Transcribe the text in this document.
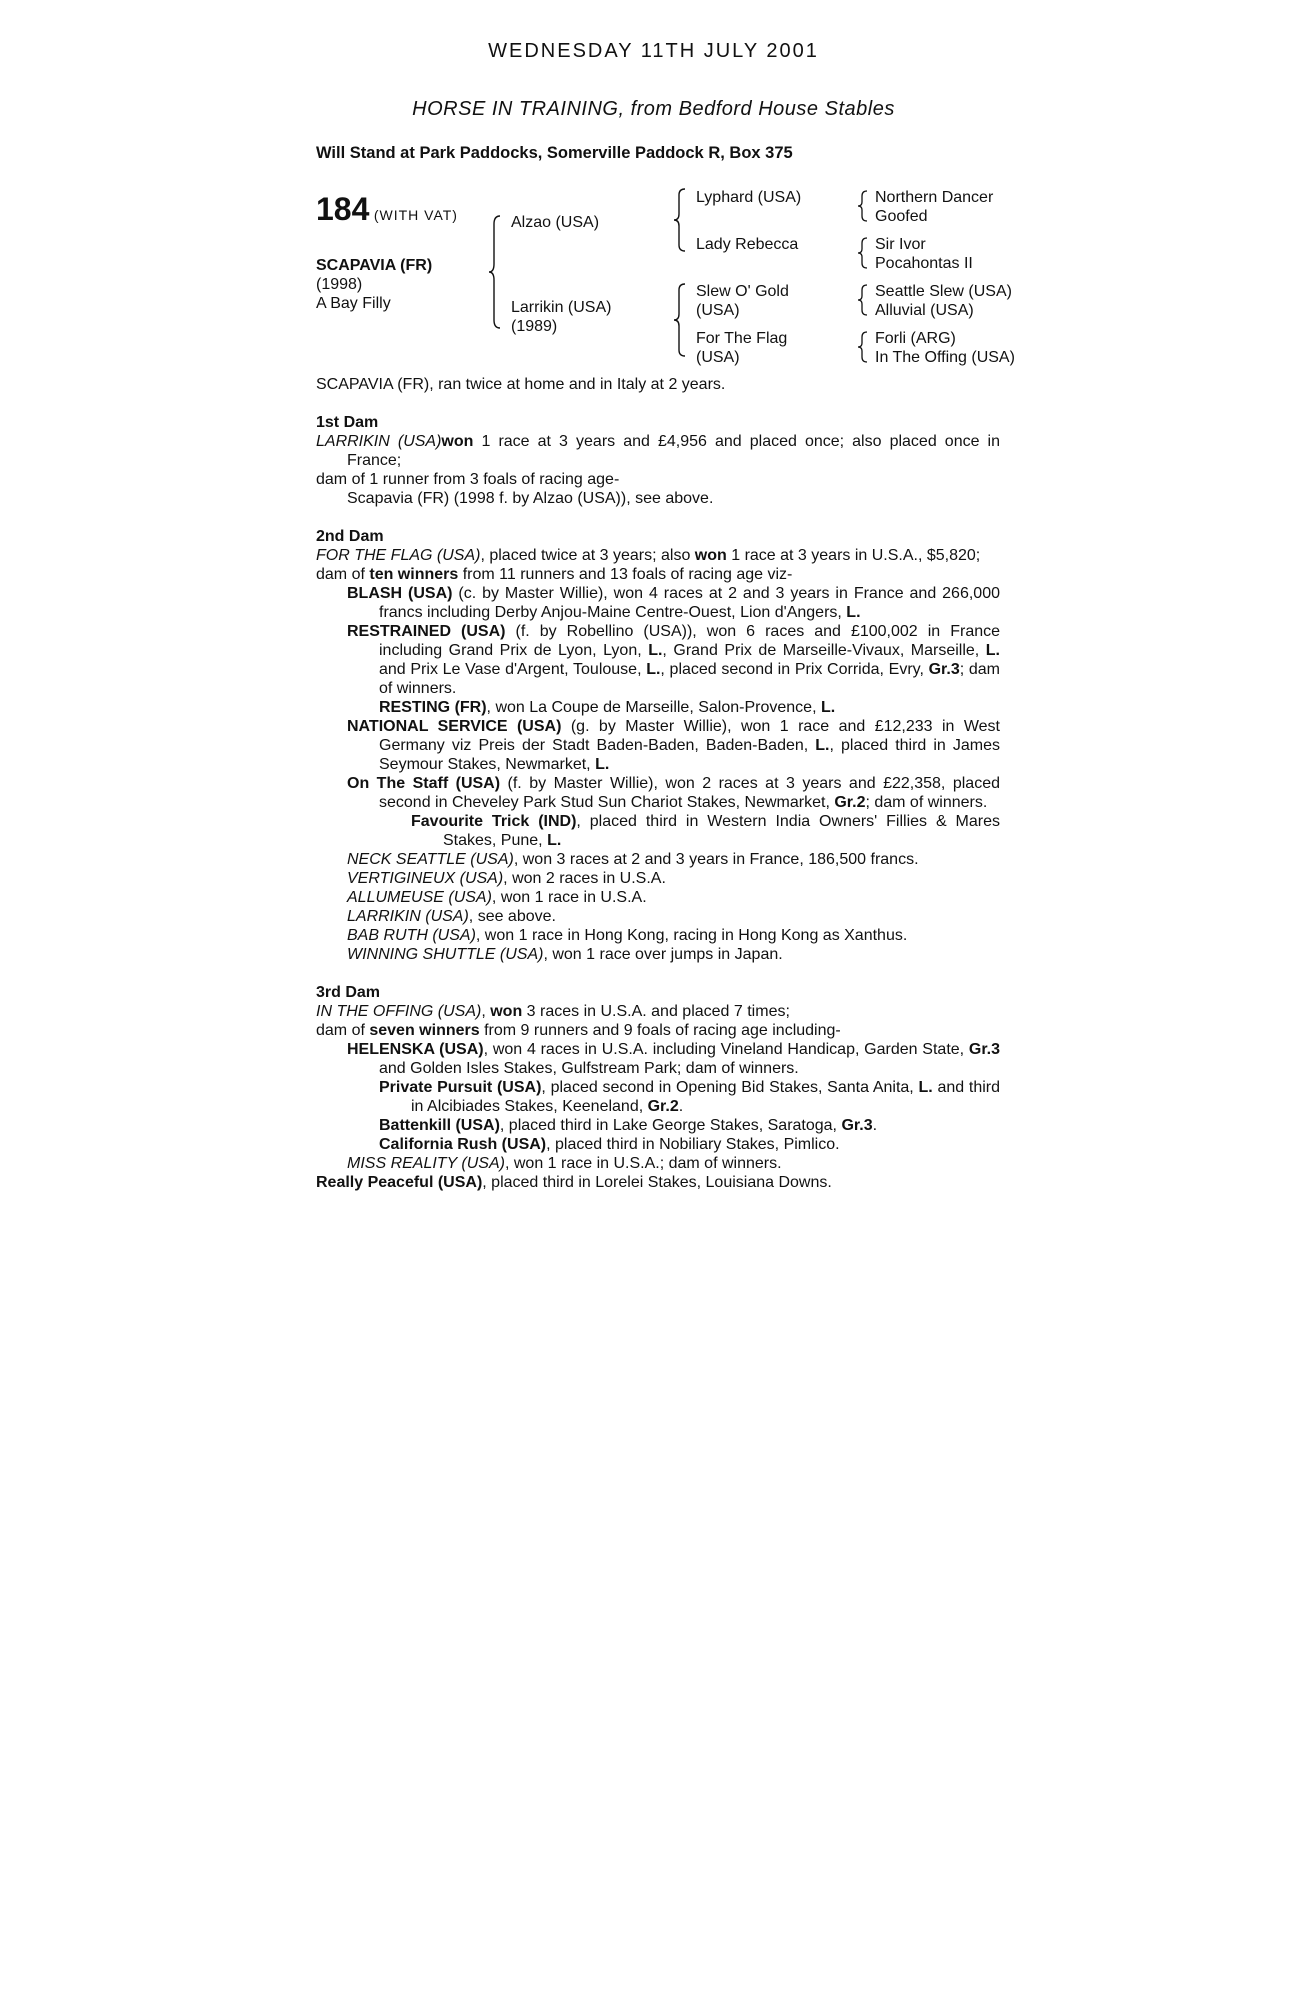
WEDNESDAY 11TH JULY 2001
HORSE IN TRAINING, from Bedford House Stables
Will Stand at Park Paddocks, Somerville Paddock R, Box 375
184 (WITH VAT)
SCAPAVIA (FR)
(1998)
A Bay Filly
Alzao (USA)
Larrikin (USA)
(1989)
Lyphard (USA)
Lady Rebecca
Slew O' Gold
(USA)
For The Flag
(USA)
Northern Dancer
Goofed
Sir Ivor
Pocahontas II
Seattle Slew (USA)
Alluvial (USA)
Forli (ARG)
In The Offing (USA)
SCAPAVIA (FR), ran twice at home and in Italy at 2 years.

1st Dam

LARRIKIN (USA)won 1 race at 3 years and £4,956 and placed once; also placed once in France;

dam of 1 runner from 3 foals of racing age-

Scapavia (FR) (1998 f. by Alzao (USA)), see above.

2nd Dam

FOR THE FLAG (USA), placed twice at 3 years; also won 1 race at 3 years in U.S.A., $5,820;

dam of ten winners from 11 runners and 13 foals of racing age viz-

BLASH (USA) (c. by Master Willie), won 4 races at 2 and 3 years in France and 266,000 francs including Derby Anjou-Maine Centre-Ouest, Lion d'Angers, L.

RESTRAINED (USA) (f. by Robellino (USA)), won 6 races and £100,002 in France including Grand Prix de Lyon, Lyon, L., Grand Prix de Marseille-Vivaux, Marseille, L. and Prix Le Vase d'Argent, Toulouse, L., placed second in Prix Corrida, Evry, Gr.3; dam of winners.

RESTING (FR), won La Coupe de Marseille, Salon-Provence, L.

NATIONAL SERVICE (USA) (g. by Master Willie), won 1 race and £12,233 in West Germany viz Preis der Stadt Baden-Baden, Baden-Baden, L., placed third in James Seymour Stakes, Newmarket, L.

On The Staff (USA) (f. by Master Willie), won 2 races at 3 years and £22,358, placed second in Cheveley Park Stud Sun Chariot Stakes, Newmarket, Gr.2; dam of winners.

Favourite Trick (IND), placed third in Western India Owners' Fillies & Mares Stakes, Pune, L.

NECK SEATTLE (USA), won 3 races at 2 and 3 years in France, 186,500 francs.

VERTIGINEUX (USA), won 2 races in U.S.A.

ALLUMEUSE (USA), won 1 race in U.S.A.

LARRIKIN (USA), see above.

BAB RUTH (USA), won 1 race in Hong Kong, racing in Hong Kong as Xanthus.

WINNING SHUTTLE (USA), won 1 race over jumps in Japan.

3rd Dam

IN THE OFFING (USA), won 3 races in U.S.A. and placed 7 times;

dam of seven winners from 9 runners and 9 foals of racing age including-

HELENSKA (USA), won 4 races in U.S.A. including Vineland Handicap, Garden State, Gr.3 and Golden Isles Stakes, Gulfstream Park; dam of winners.

Private Pursuit (USA), placed second in Opening Bid Stakes, Santa Anita, L. and third in Alcibiades Stakes, Keeneland, Gr.2.

Battenkill (USA), placed third in Lake George Stakes, Saratoga, Gr.3.

California Rush (USA), placed third in Nobiliary Stakes, Pimlico.

MISS REALITY (USA), won 1 race in U.S.A.; dam of winners.

Really Peaceful (USA), placed third in Lorelei Stakes, Louisiana Downs.
